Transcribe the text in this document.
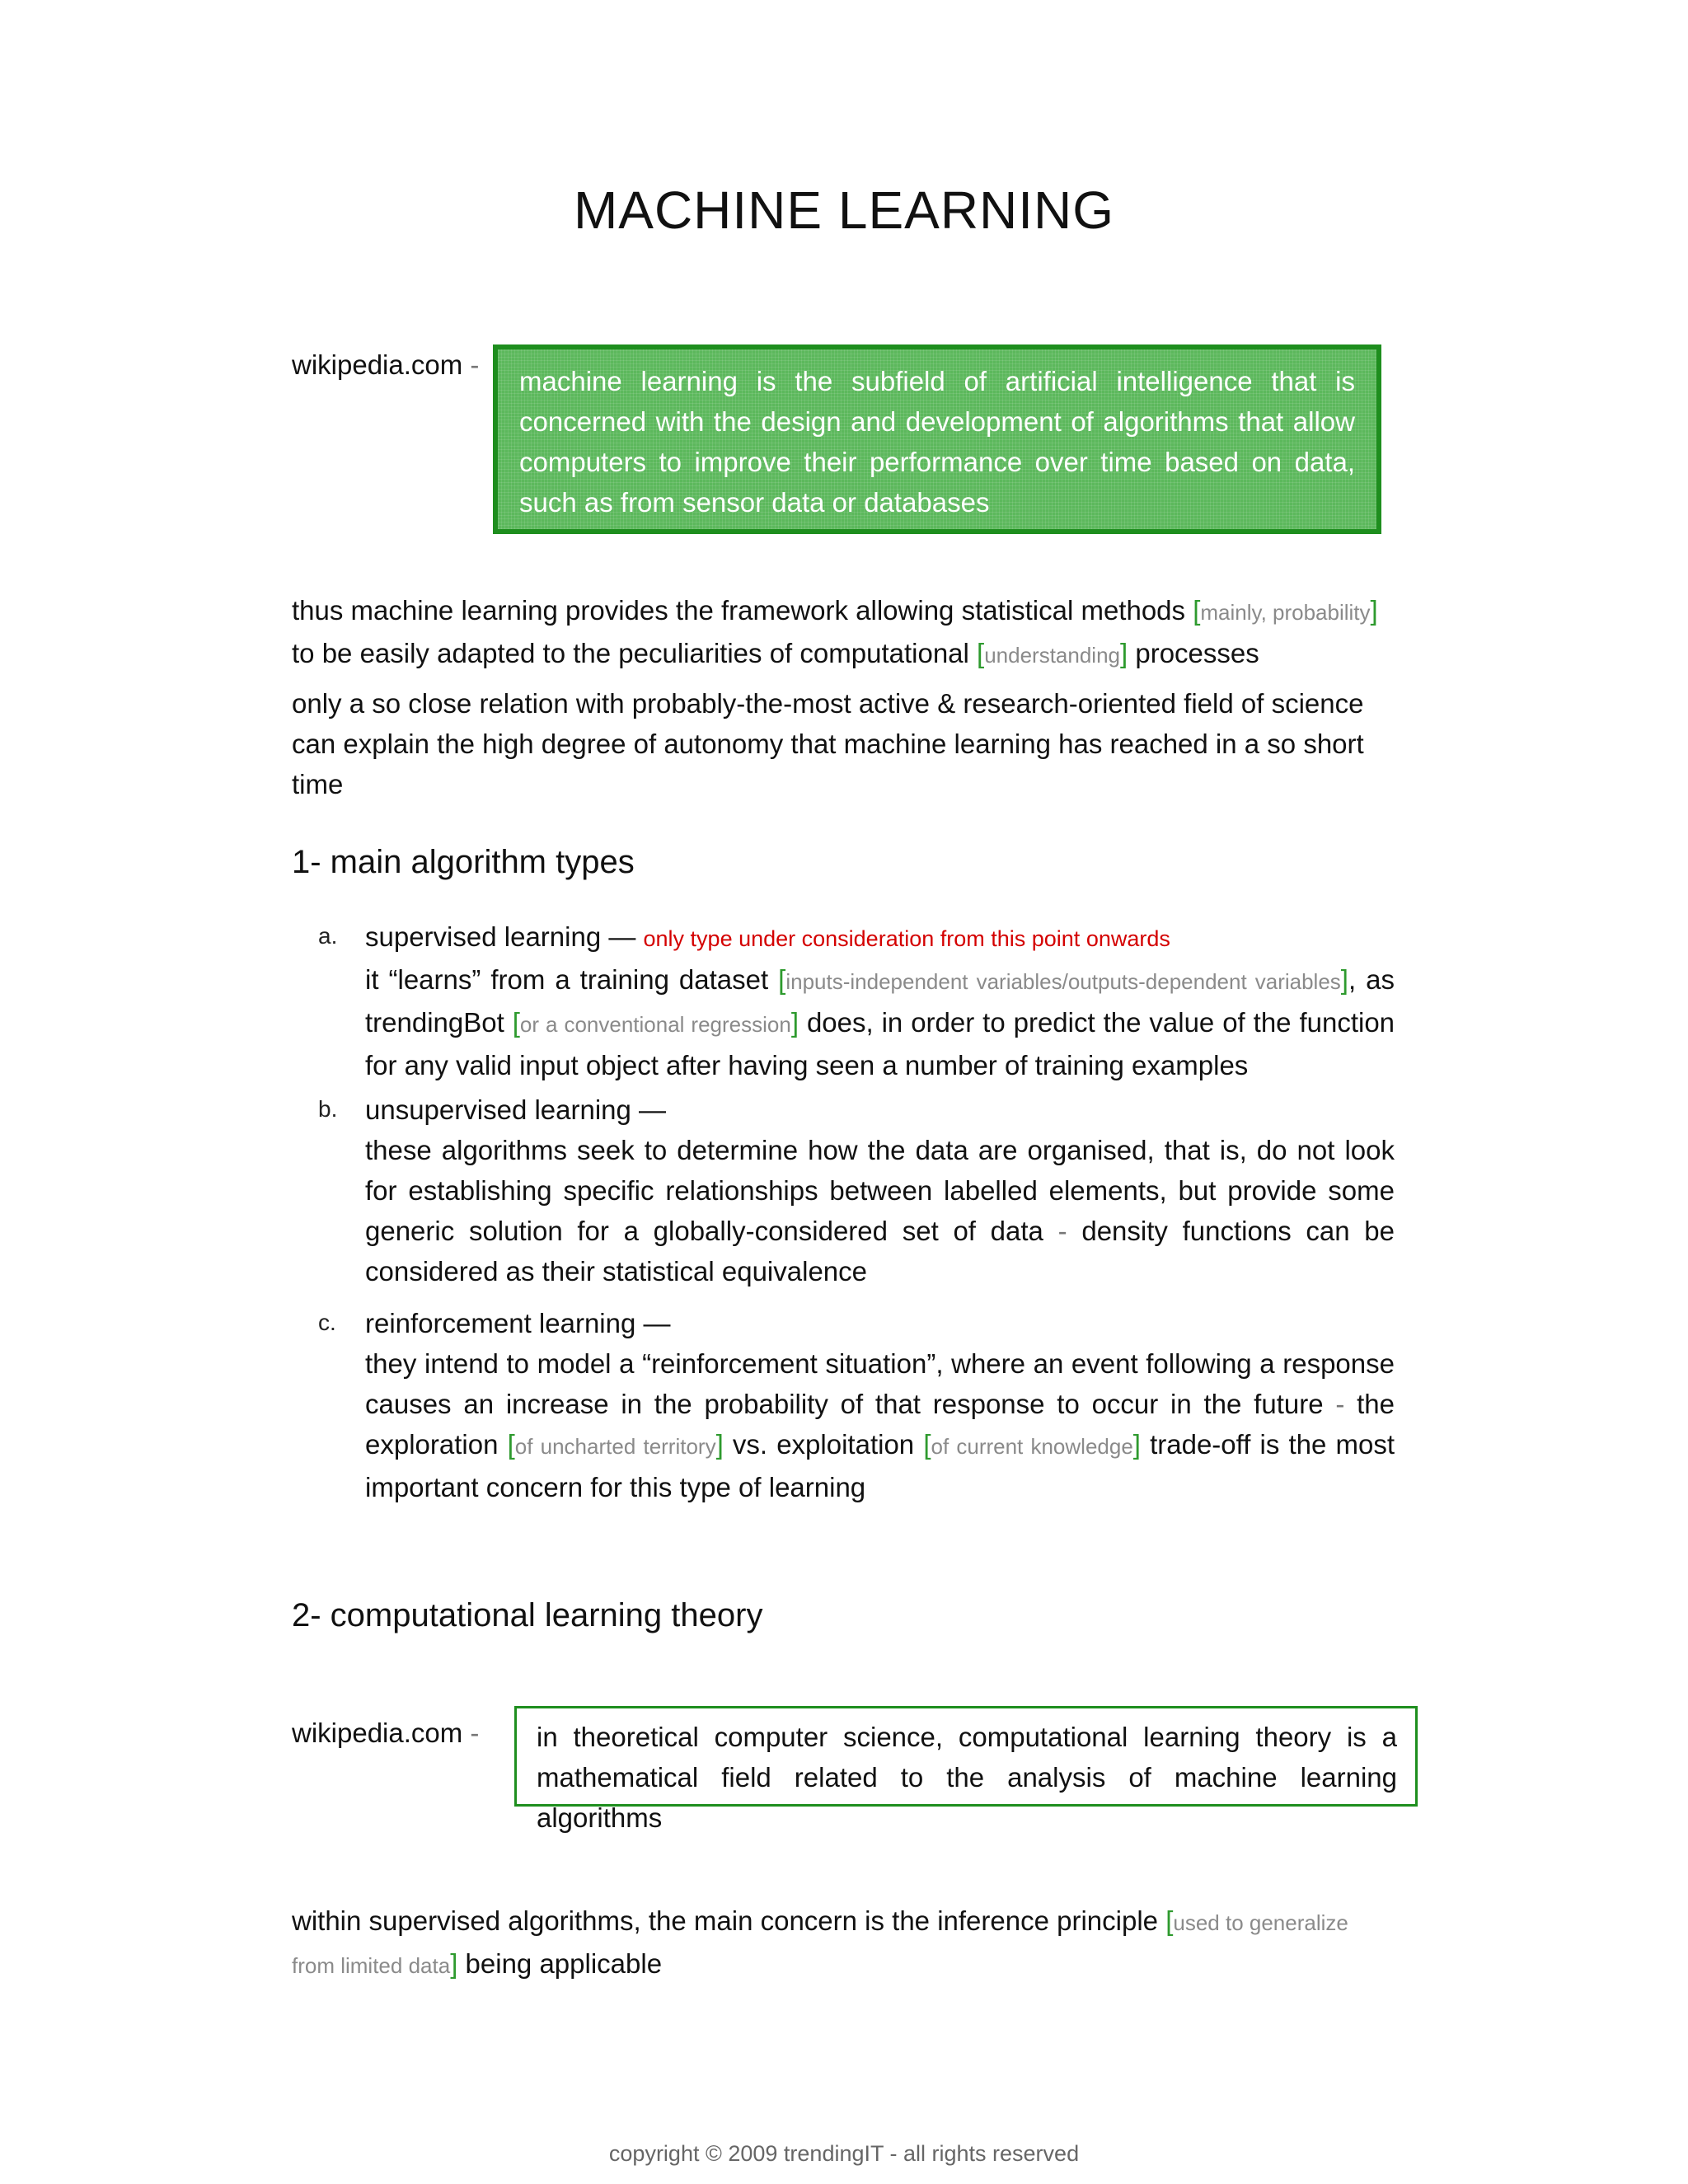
MACHINE LEARNING
wikipedia.com -
machine learning is the subfield of artificial intelligence that is concerned with the design and development of algorithms that allow computers to improve their performance over time based on data, such as from sensor data or databases
thus machine learning provides the framework allowing statistical methods [mainly, probability] to be easily adapted to the peculiarities of computational [understanding] processes
only a so close relation with probably-the-most active & research-oriented field of science can explain the high degree of autonomy that machine learning has reached in a so short time
1- main algorithm types
a. supervised learning — only type under consideration from this point onwards
it “learns” from a training dataset [inputs-independent variables/outputs-dependent variables], as trendingBot [or a conventional regression] does, in order to predict the value of the function for any valid input object after having seen a number of training examples
b. unsupervised learning —
these algorithms seek to determine how the data are organised, that is, do not look for establishing specific relationships between labelled elements, but provide some generic solution for a globally-considered set of data - density functions can be considered as their statistical equivalence
c. reinforcement learning —
they intend to model a “reinforcement situation”, where an event following a response causes an increase in the probability of that response to occur in the future - the exploration [of uncharted territory] vs. exploitation [of current knowledge] trade-off is the most important concern for this type of learning
2- computational learning theory
wikipedia.com -	in theoretical computer science, computational learning theory is a mathematical field related to the analysis of machine learning algorithms
within supervised algorithms, the main concern is the inference principle [used to generalize from limited data] being applicable
copyright © 2009 trendingIT - all rights reserved
